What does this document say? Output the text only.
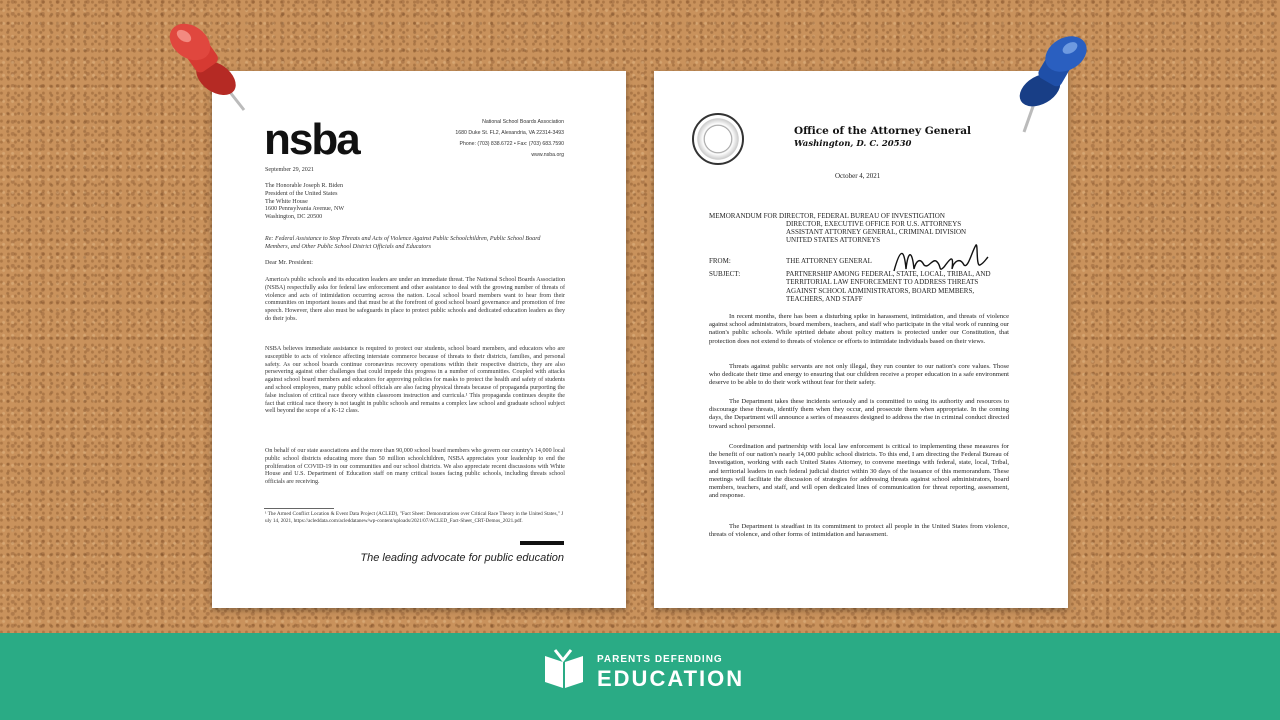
nsba	National School Boards Association
1680 Duke St. FL2, Alexandria, VA 22314-3493
Phone: (703) 838.6722 • Fax: (703) 683.7590
www.nsba.org
September 29, 2021
The Honorable Joseph R. Biden
President of the United States
The White House
1600 Pennsylvania Avenue, NW
Washington, DC 20500
Re: Federal Assistance to Stop Threats and Acts of Violence Against Public Schoolchildren, Public School Board Members, and Other Public School District Officials and Educators
Dear Mr. President:
America's public schools and its education leaders are under an immediate threat. The National School Boards Association (NSBA) respectfully asks for federal law enforcement and other assistance to deal with the growing number of threats of violence and acts of intimidation occurring across the nation. Local school board members want to hear from their communities on important issues and that must be at the forefront of good school board governance and promotion of free speech. However, there also must be safeguards in place to protect public schools and dedicated education leaders as they do their jobs.
NSBA believes immediate assistance is required to protect our students, school board members, and educators who are susceptible to acts of violence affecting interstate commerce because of threats to their districts, families, and personal safety. As our school boards continue coronavirus recovery operations within their respective districts, they are also persevering against other challenges that could impede this progress in a number of communities. Coupled with attacks against school board members and educators for approving policies for masks to protect the health and safety of students and school employees, many public school officials are also facing physical threats because of propaganda purporting the false inclusion of critical race theory within classroom instruction and curricula.¹ This propaganda continues despite the fact that critical race theory is not taught in public schools and remains a complex law school and graduate school subject well beyond the scope of a K-12 class.
On behalf of our state associations and the more than 90,000 school board members who govern our country's 14,000 local public school districts educating more than 50 million schoolchildren, NSBA appreciates your leadership to end the proliferation of COVID-19 in our communities and our school districts. We also appreciate recent discussions with White House and U.S. Department of Education staff on many critical issues facing public schools, including threats school officials are receiving.
¹ The Armed Conflict Location & Event Data Project (ACLED), "Fact Sheet: Demonstrations over Critical Race Theory in the United States," July 14, 2021, https://acleddata.com/acleddatanew/wp-content/uploads/2021/07/ACLED_Fact-Sheet_CRT-Demos_2021.pdf.
The leading advocate for public education
Office of the Attorney General
Washington, D. C. 20530
October 4, 2021
MEMORANDUM FOR DIRECTOR, FEDERAL BUREAU OF INVESTIGATION
DIRECTOR, EXECUTIVE OFFICE FOR U.S. ATTORNEYS
ASSISTANT ATTORNEY GENERAL, CRIMINAL DIVISION
UNITED STATES ATTORNEYS
FROM:	THE ATTORNEY GENERAL
SUBJECT:	PARTNERSHIP AMONG FEDERAL, STATE, LOCAL, TRIBAL, AND TERRITORIAL LAW ENFORCEMENT TO ADDRESS THREATS AGAINST SCHOOL ADMINISTRATORS, BOARD MEMBERS, TEACHERS, AND STAFF
In recent months, there has been a disturbing spike in harassment, intimidation, and threats of violence against school administrators, board members, teachers, and staff who participate in the vital work of running our nation's public schools. While spirited debate about policy matters is protected under our Constitution, that protection does not extend to threats of violence or efforts to intimidate individuals based on their views.
Threats against public servants are not only illegal, they run counter to our nation's core values. Those who dedicate their time and energy to ensuring that our children receive a proper education in a safe environment deserve to be able to do their work without fear for their safety.
The Department takes these incidents seriously and is committed to using its authority and resources to discourage these threats, identify them when they occur, and prosecute them when appropriate. In the coming days, the Department will announce a series of measures designed to address the rise in criminal conduct directed toward school personnel.
Coordination and partnership with local law enforcement is critical to implementing these measures for the benefit of our nation's nearly 14,000 public school districts. To this end, I am directing the Federal Bureau of Investigation, working with each United States Attorney, to convene meetings with federal, state, local, Tribal, and territorial leaders in each federal judicial district within 30 days of the issuance of this memorandum. These meetings will facilitate the discussion of strategies for addressing threats against school administrators, board members, teachers, and staff, and will open dedicated lines of communication for threat reporting, assessment, and response.
The Department is steadfast in its commitment to protect all people in the United States from violence, threats of violence, and other forms of intimidation and harassment.
PARENTS DEFENDING
EDUCATION
